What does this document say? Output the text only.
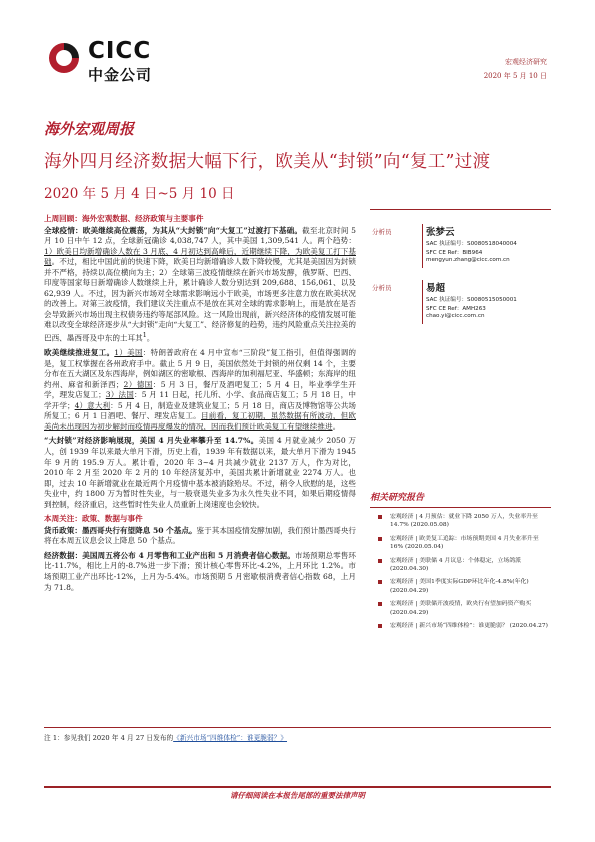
CICC
中金公司
宏观经济研究
2020 年 5 月 10 日
海外宏观周报
海外四月经济数据大幅下行，欧美从“封锁”向“复工”过渡
2020 年 5 月 4 日~5 月 10 日

上周回顾：海外宏观数据、经济政策与主要事件

全球疫情：欧美继续高位震荡，为其从“大封锁”向“大复工”过渡打下基础。截至北京时间 5 月 10 日中午 12 点，全球新冠确诊 4,038,747 人，其中美国 1,309,541 人。两个趋势：1）欧美日均新增确诊人数在 3 月底、4 月初达到高峰后，近期继续下降，为欧美复工打下基础。不过，相比中国此前的快速下降，欧美日均新增确诊人数下降较慢，尤其是美国因为封锁并不严格，持续以高位横向为主；2）全球第三波疫情继续在新兴市场发酵，俄罗斯、巴西、印度等国家每日新增确诊人数继续上升，累计确诊人数分别达到 209,688、156,061、以及 62,939 人。不过，因为新兴市场对全球需求影响远小于欧美，市场更多注意力放在欧美状况的改善上。对第三波疫情，我们建议关注重点不是放在其对全球的需求影响上，而是放在是否会导致新兴市场出现主权债务违约等尾部风险。这一风险出现前，新兴经济体的疫情发展可能难以改变全球经济逐步从“大封锁”走向“大复工”、经济修复的趋势，违约风险重点关注拉美的巴西、墨西哥及中东的土耳其$^1$。

欧美继续推进复工。1）美国：特朗普政府在 4 月中宣布“三阶段”复工指引，但值得强调的是，复工权掌握在各州政府手中。截止 5 月 9 日，美国依然处于封锁的州仅剩 14 个，主要分布在五大湖区及东西海岸，例如湖区的密歇根、西海岸的加利福尼亚、华盛顿；东海岸的纽约州、麻省和新泽西；2）德国：5 月 3 日，餐厅及酒吧复工；5 月 4 日，毕业季学生开学，理发店复工；3）法国：5 月 11 日起，托儿所、小学、食品商店复工；5 月 18 日，中学开学；4）意大利：5 月 4 日，制造业及建筑业复工；5 月 18 日，商店及博物馆等公共场所复工；6 月 1 日酒吧、餐厅、理发店复工。目前看，复工初期，虽然数据有所波动，但欧美尚未出现因为初步解封而疫情再度爆发的情况，因而我们预计欧美复工有望继续推进。

“大封锁”对经济影响展现，美国 4 月失业率攀升至 14.7%。美国 4 月就业减少 2050 万人，创 1939 年以来最大单月下滑，历史上看，1939 年有数据以来，最大单月下滑为 1945 年 9 月的 195.9 万人。累计看，2020 年 3~4 月共减少就业 2137 万人，作为对比，2010 年 2 月至 2020 年 2 月的 10 年经济复苏中，美国共累计新增就业 2274 万人。也即，过去 10 年新增就业在最近两个月疫情中基本被消除殆尽。不过，稍令人欣慰的是，这些失业中，约 1800 万为暂时性失业，与一般衰退失业多为永久性失业不同，如果后期疫情得到控制，经济重启，这些暂时性失业人员重新上岗速度也会较快。

本周关注：政策、数据与事件

货币政策：墨西哥央行有望降息 50 个基点。鉴于其本国疫情发酵加剧，我们预计墨西哥央行将在本周五议息会议上降息 50 个基点。

经济数据：美国周五将公布 4 月零售和工业产出和 5 月消费者信心数据。市场预期总零售环比-11.7%，相比上月的-8.7%进一步下滑；预计核心零售环比-4.2%，上月环比 1.2%。市场预期工业产出环比-12%，上月为-5.4%。市场预期 5 月密歇根消费者信心指数 68，上月为 71.8。

分析员	张梦云
SAC 执证编号：S0080518040004
SFC CE Ref：BIB964
mengyun.zhang@cicc.com.cn
分析员	易超
SAC 执证编号：S0080515050001
SFC CE Ref：AMH263
chao.yi@cicc.com.cn
相关研究报告
宏观经济 | 4 月预估：就业下降 2050 万人，失业率升至 14.7% (2020.05.08)
宏观经济 | 欧美复工追踪：市场预期美国 4 月失业率升至 16% (2020.05.04)
宏观经济 | 美联储 4 月议息：个体稳定，立场鸽派 (2020.04.30)
宏观经济 | 美国1季度实际GDP环比年化-4.8%(年化) (2020.04.29)
宏观经济 | 美联储开波疫情，欧央行有望加码资产购买 (2020.04.29)
宏观经济 | 新兴市场“四维体检”：谁更脆弱？ (2020.04.27)
注 1：参见我们 2020 年 4 月 27 日发布的《新兴市场“四维体检”：谁更脆弱？》
请仔细阅读在本报告尾部的重要法律声明
